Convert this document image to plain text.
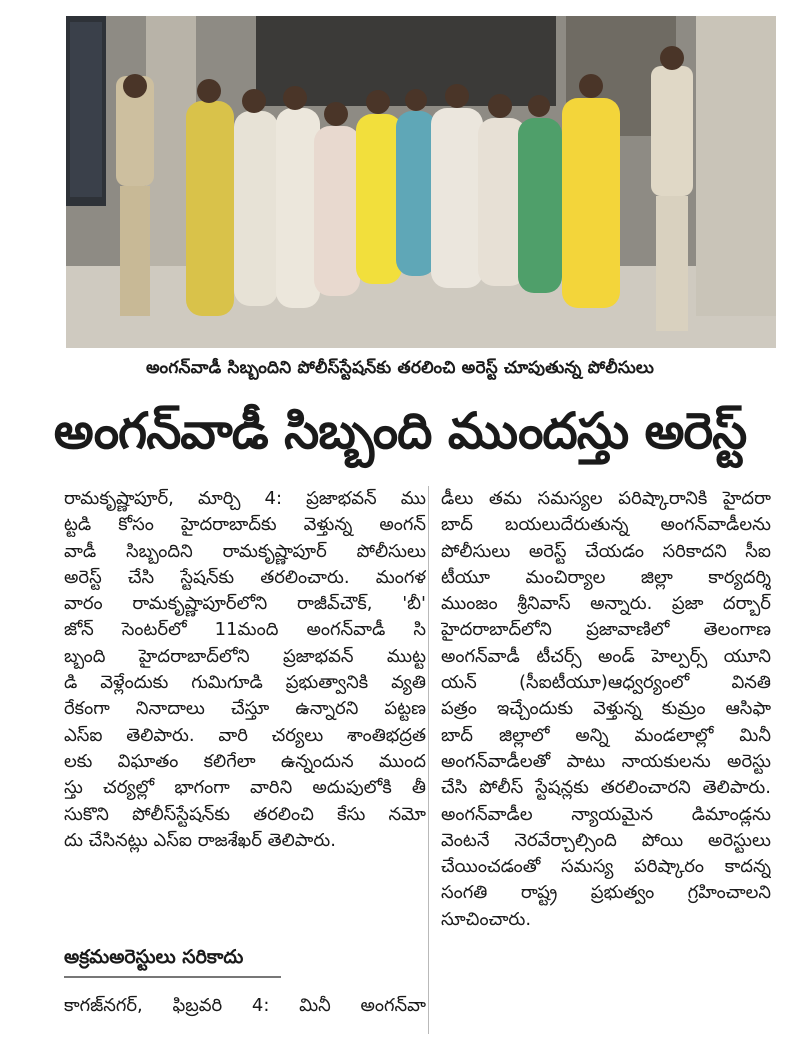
అంగన్‌వాడీ సిబ్బందిని పోలీస్‌స్టేషన్‌కు తరలించి అరెస్ట్‌ చూపుతున్న పోలీసులు
అంగన్‌వాడీ సిబ్బంది ముందస్తు అరెస్ట్‌
రామకృష్ణాపూర్‌, మార్చి 4: ప్రజాభవన్‌ ము
ట్టడి కోసం హైదరాబాద్‌కు వెళ్తున్న అంగన్‌
వాడీ సిబ్బందిని రామకృష్ణాపూర్‌ పోలీసులు
అరెస్ట్‌ చేసి స్టేషన్‌కు తరలించారు. మంగళ
వారం రామకృష్ణాపూర్‌లోని రాజీవ్‌చౌక్‌, 'బీ'
జోన్‌ సెంటర్‌లో 11మంది అంగన్‌వాడీ సి
బ్బంది హైదరాబాద్‌లోని ప్రజాభవన్‌ ముట్ట
డి వెళ్లేందుకు గుమిగూడి ప్రభుత్వానికి వ్యతి
రేకంగా నినాదాలు చేస్తూ ఉన్నారని పట్టణ
ఎస్‌ఐ తెలిపారు. వారి చర్యలు శాంతిభద్రత
లకు విఘాతం కలిగేలా ఉన్నందున ముంద
స్తు చర్యల్లో భాగంగా వారిని అదుపులోకి తీ
సుకొని పోలీస్‌స్టేషన్‌కు తరలించి కేసు నమో
దు చేసినట్లు ఎస్‌ఐ రాజశేఖర్‌ తెలిపారు.
అక్రమఅరెస్టులు సరికాదు
కాగజ్‌నగర్‌, ఫిబ్రవరి 4: మినీ అంగన్‌వా
డీలు తమ సమస్యల పరిష్కారానికి హైదరా
బాద్‌ బయలుదేరుతున్న అంగన్‌వాడీలను
పోలీసులు అరెస్ట్‌ చేయడం సరికాదని సీఐ
టీయూ మంచిర్యాల జిల్లా కార్యదర్శి
ముంజం శ్రీనివాస్‌ అన్నారు. ప్రజా దర్బార్‌
హైదరాబాద్‌లోని ప్రజావాణిలో తెలంగాణ
అంగన్‌వాడీ టీచర్స్‌ అండ్‌ హెల్పర్స్‌ యూని
యన్‌ (సీఐటీయూ)ఆధ్వర్యంలో వినతి
పత్రం ఇచ్చేందుకు వెళ్తున్న కుమ్రం ఆసిఫా
బాద్‌ జిల్లాలో అన్ని మండలాల్లో మినీ
అంగన్‌వాడీలతో పాటు నాయకులను అరెస్టు
చేసి పోలీస్‌ స్టేషన్లకు తరలించారని తెలిపారు.
అంగన్‌వాడీల న్యాయమైన డిమాండ్లను
వెంటనే నెరవేర్చాల్సింది పోయి అరెస్టులు
చేయించడంతో సమస్య పరిష్కారం కాదన్న
సంగతి రాష్ట్ర ప్రభుత్వం గ్రహించాలని
సూచించారు.
